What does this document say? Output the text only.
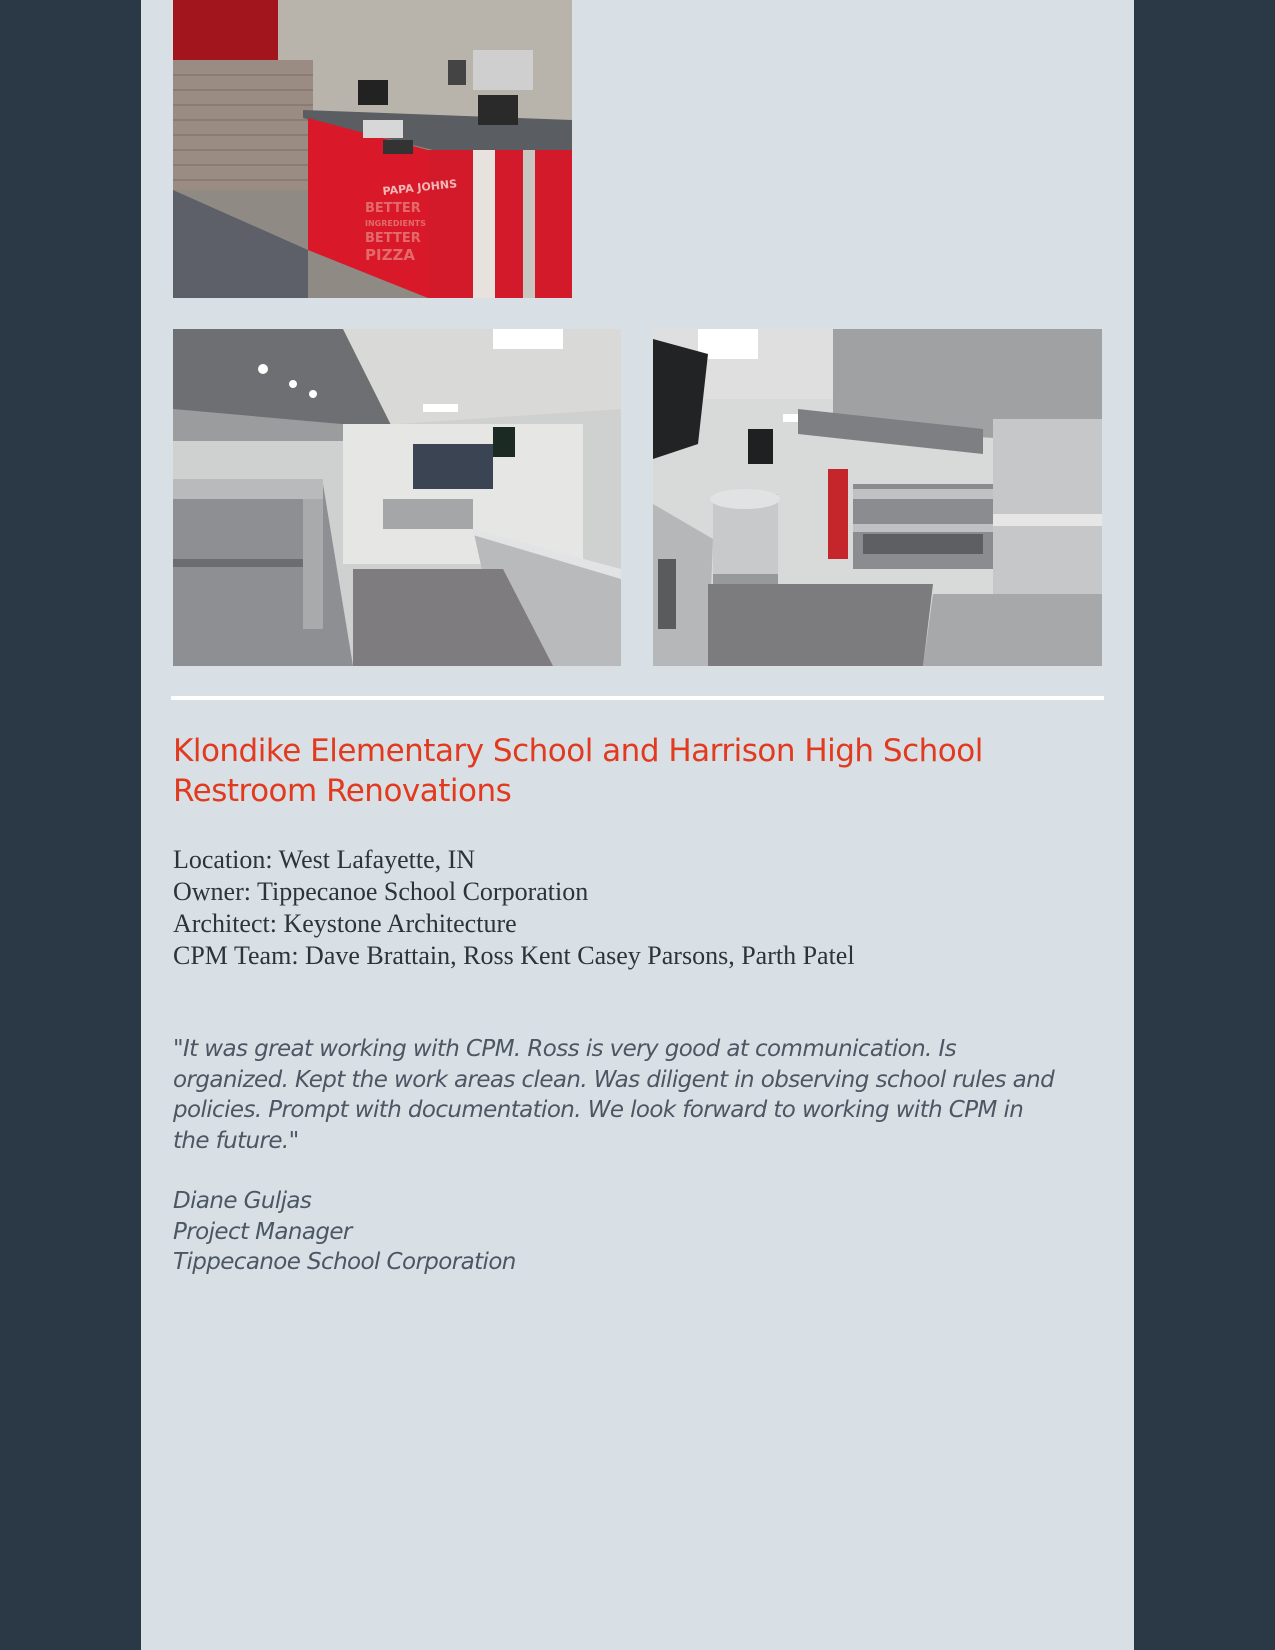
PAPA JOHNS
BETTER
INGREDIENTS
BETTER
PIZZA
Klondike Elementary School and Harrison High School
Restroom Renovations
Location: West Lafayette, IN
Owner: Tippecanoe School Corporation
Architect: Keystone Architecture
CPM Team: Dave Brattain, Ross Kent Casey Parsons, Parth Patel
"It was great working with CPM. Ross is very good at communication. Is
organized. Kept the work areas clean. Was diligent in observing school rules and
policies. Prompt with documentation. We look forward to working with CPM in
the future."
Diane Guljas
Project Manager
Tippecanoe School Corporation
